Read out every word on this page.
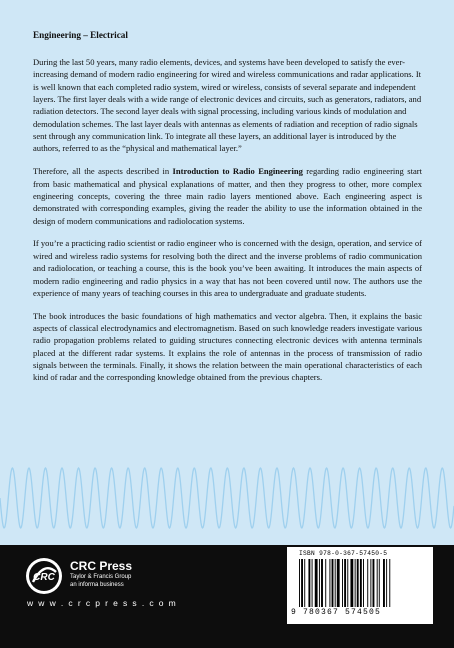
Engineering – Electrical

During the last 50 years, many radio elements, devices, and systems have been developed to satisfy the ever-increasing demand of modern radio engineering for wired and wireless communications and radar applications. It is well known that each completed radio system, wired or wireless, consists of several separate and independent layers. The first layer deals with a wide range of electronic devices and circuits, such as generators, radiators, and radiation detectors. The second layer deals with signal processing, including various kinds of modulation and demodulation schemes. The last layer deals with antennas as elements of radiation and reception of radio signals sent through any communication link. To integrate all these layers, an additional layer is introduced by the authors, referred to as the “physical and mathematical layer.”

Therefore, all the aspects described in Introduction to Radio Engineering regarding radio engineering start from basic mathematical and physical explanations of matter, and then they progress to other, more complex engineering concepts, covering the three main radio layers mentioned above. Each engineering aspect is demonstrated with corresponding examples, giving the reader the ability to use the information obtained in the design of modern communications and radiolocation systems.

If you’re a practicing radio scientist or radio engineer who is concerned with the design, operation, and service of wired and wireless radio systems for resolving both the direct and the inverse problems of radio communication and radiolocation, or teaching a course, this is the book you’ve been awaiting. It introduces the main aspects of modern radio engineering and radio physics in a way that has not been covered until now. The authors use the experience of many years of teaching courses in this area to undergraduate and graduate students.

The book introduces the basic foundations of high mathematics and vector algebra. Then, it explains the basic aspects of classical electrodynamics and electromagnetism. Based on such knowledge readers investigate various radio propagation problems related to guiding structures connecting electronic devices with antenna terminals placed at the different radar systems. It explains the role of antennas in the process of transmission of radio signals between the terminals. Finally, it shows the relation between the main operational characteristics of each kind of radar and the corresponding knowledge obtained from the previous chapters.

CRC
CRC Press
Taylor & Francis Group
an informa business
w w w . c r c p r e s s . c o m
ISBN 978-0-367-57450-5
9 780367 574505
